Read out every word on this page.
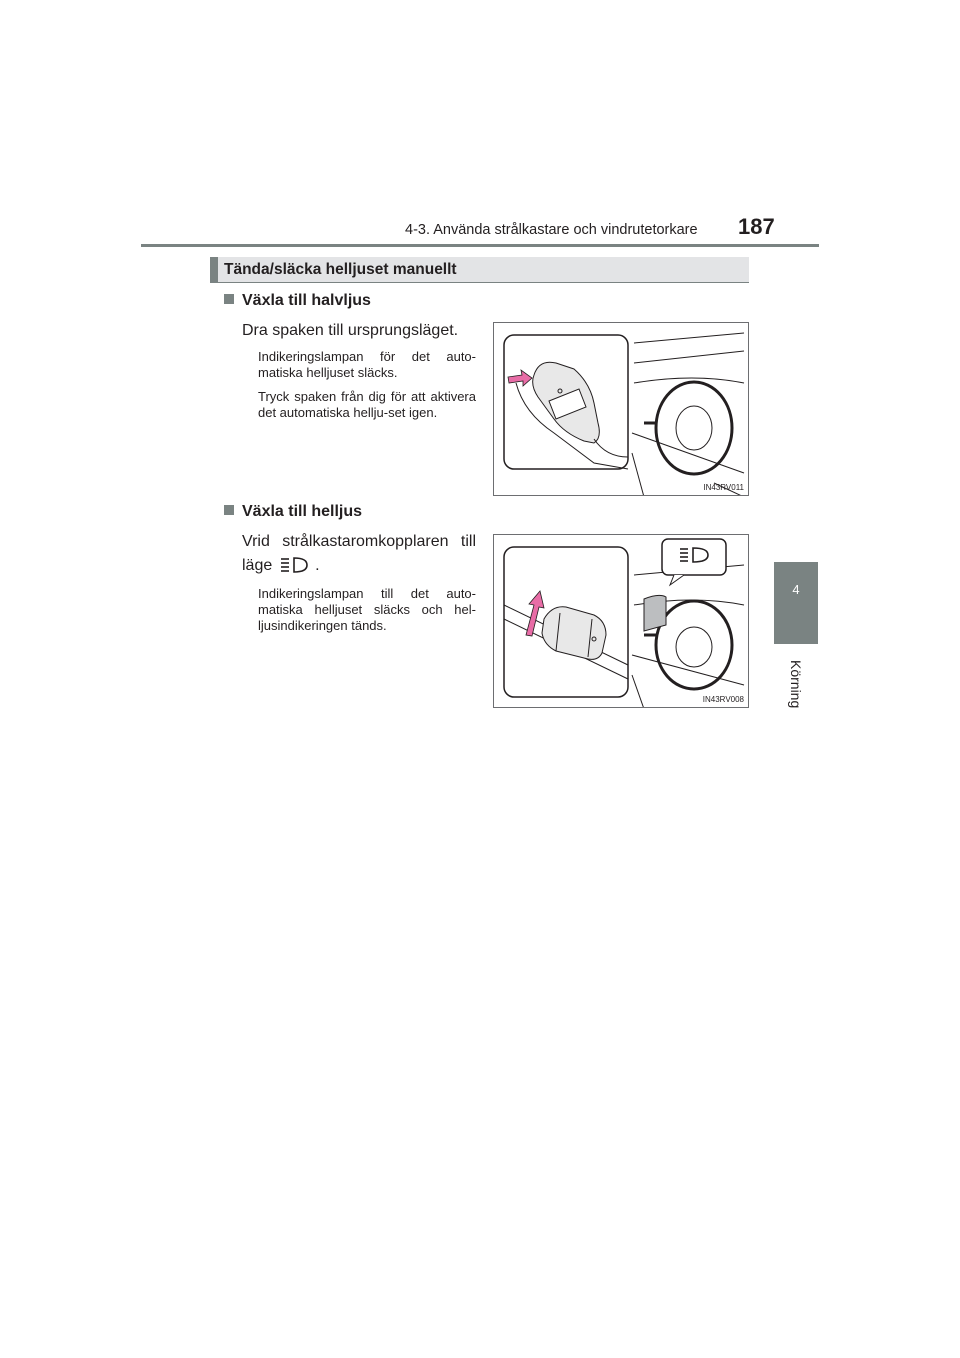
4-3. Använda strålkastare och vindrutetorkare 187
4
Körning
Tända/släcka helljuset manuellt
Växla till halvljus
Dra spaken till ursprungsläget.
Indikeringslampan för det auto-matiska helljuset släcks.
Tryck spaken från dig för att aktivera det automatiska hellju-set igen.
IN43RV011
Växla till helljus
Vrid strålkastaromkopplaren till läge	.
Indikeringslampan till det auto-matiska helljuset släcks och hel-ljusindikeringen tänds.
IN43RV008
